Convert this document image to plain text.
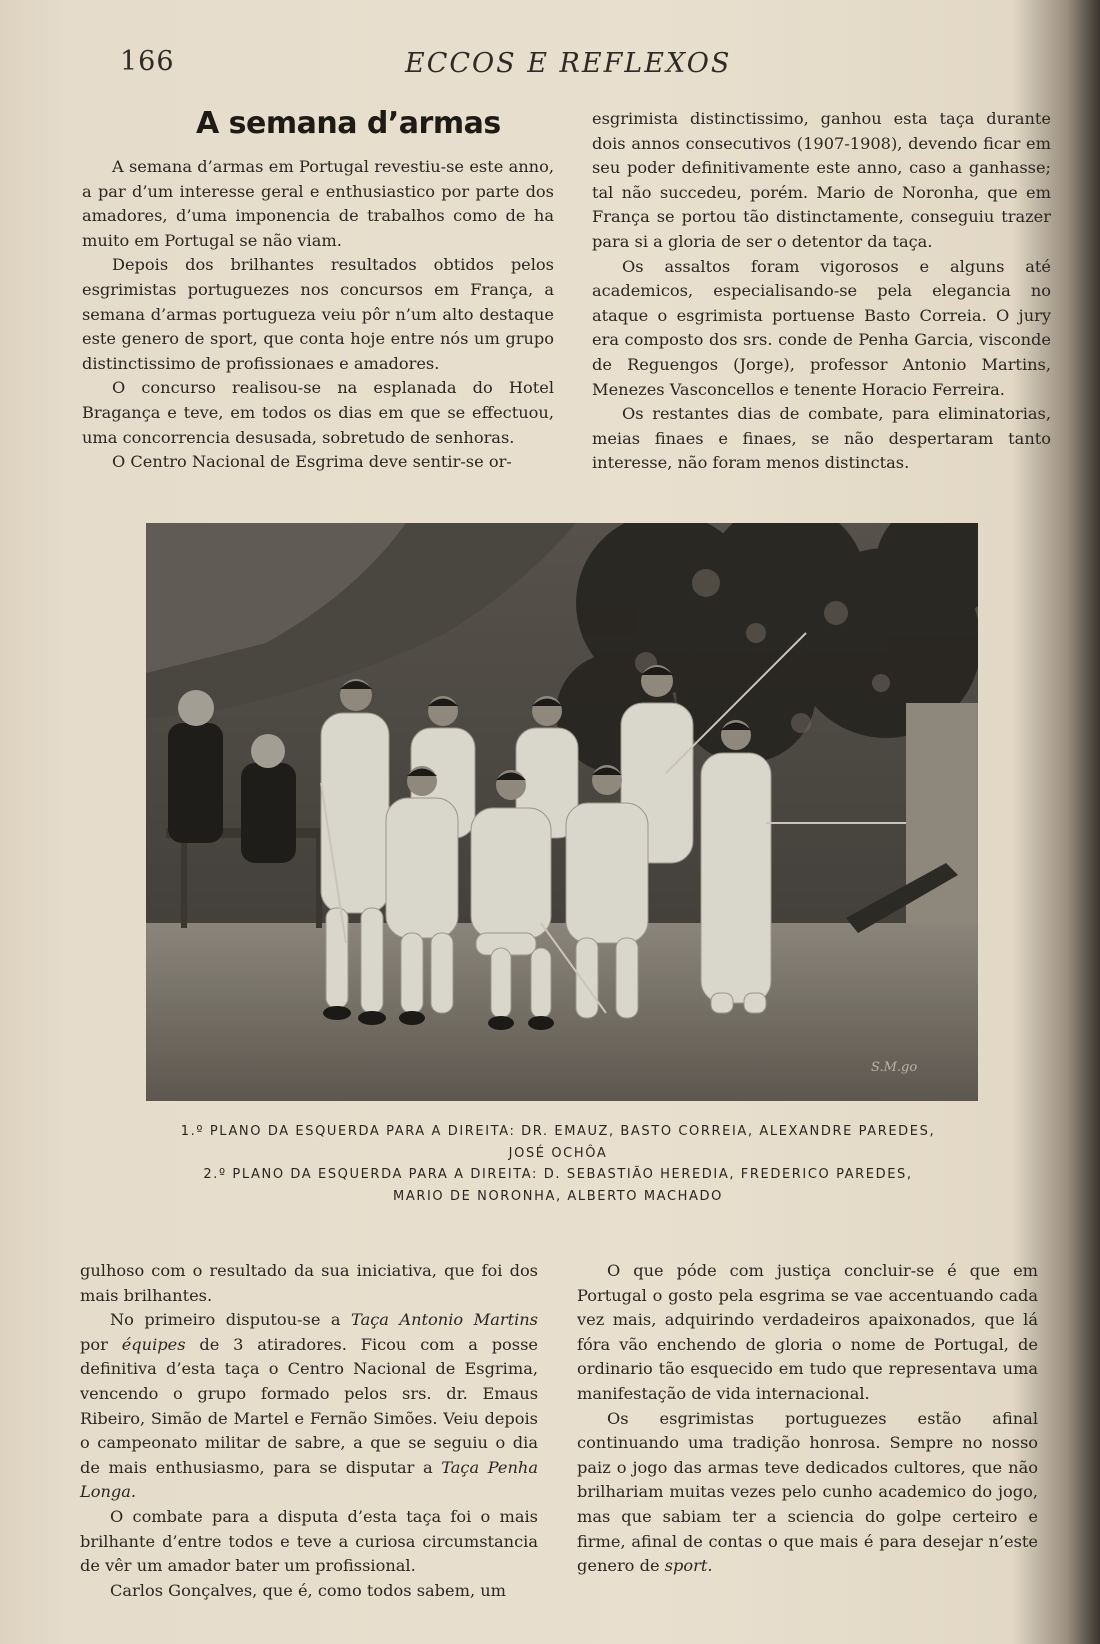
166	ECCOS E REFLEXOS
A semana d’armas

A semana d’armas em Portugal revestiu-se este anno, a par d’um interesse geral e enthusiastico por parte dos amadores, d’uma imponencia de trabalhos como de ha muito em Portugal se não viam.

Depois dos brilhantes resultados obtidos pelos esgrimistas portuguezes nos concursos em França, a semana d’armas portugueza veiu pôr n’um alto destaque este genero de sport, que conta hoje entre nós um grupo distinctissimo de profissionaes e amadores.

O concurso realisou-se na esplanada do Hotel Bragança e teve, em todos os dias em que se effectuou, uma concorrencia desusada, sobretudo de senhoras.

O Centro Nacional de Esgrima deve sentir-se or-

esgrimista distinctissimo, ganhou esta taça durante dois annos consecutivos (1907-1908), devendo ficar em seu poder definitivamente este anno, caso a ganhasse; tal não succedeu, porém. Mario de Noronha, que em França se portou tão distinctamente, conseguiu trazer para si a gloria de ser o detentor da taça.

Os assaltos foram vigorosos e alguns até academicos, especialisando-se pela elegancia no ataque o esgrimista portuense Basto Correia. O jury era composto dos srs. conde de Penha Garcia, visconde de Reguengos (Jorge), professor Antonio Martins, Menezes Vasconcellos e tenente Horacio Ferreira.

Os restantes dias de combate, para eliminatorias, meias finaes e finaes, se não despertaram tanto interesse, não foram menos distinctas.

S.M.go
1.º PLANO DA ESQUERDA PARA A DIREITA: DR. EMAUZ, BASTO CORREIA, ALEXANDRE PAREDES,
JOSÉ OCHÔA
2.º PLANO DA ESQUERDA PARA A DIREITA: D. SEBASTIÃO HEREDIA, FREDERICO PAREDES,
MARIO DE NORONHA, ALBERTO MACHADO

gulhoso com o resultado da sua iniciativa, que foi dos mais brilhantes.

No primeiro disputou-se a Taça Antonio Martins por équipes de 3 atiradores. Ficou com a posse definitiva d’esta taça o Centro Nacional de Esgrima, vencendo o grupo formado pelos srs. dr. Emaus Ribeiro, Simão de Martel e Fernão Simões. Veiu depois o campeonato militar de sabre, a que se seguiu o dia de mais enthusiasmo, para se disputar a Taça Penha Longa.

O combate para a disputa d’esta taça foi o mais brilhante d’entre todos e teve a curiosa circumstancia de vêr um amador bater um profissional.

Carlos Gonçalves, que é, como todos sabem, um

O que póde com justiça concluir-se é que em Portugal o gosto pela esgrima se vae accentuando cada vez mais, adquirindo verdadeiros apaixonados, que lá fóra vão enchendo de gloria o nome de Portugal, de ordinario tão esquecido em tudo que representava uma manifestação de vida internacional.

Os esgrimistas portuguezes estão afinal continuando uma tradição honrosa. Sempre no nosso paiz o jogo das armas teve dedicados cultores, que não brilhariam muitas vezes pelo cunho academico do jogo, mas que sabiam ter a sciencia do golpe certeiro e firme, afinal de contas o que mais é para desejar n’este genero de sport.
